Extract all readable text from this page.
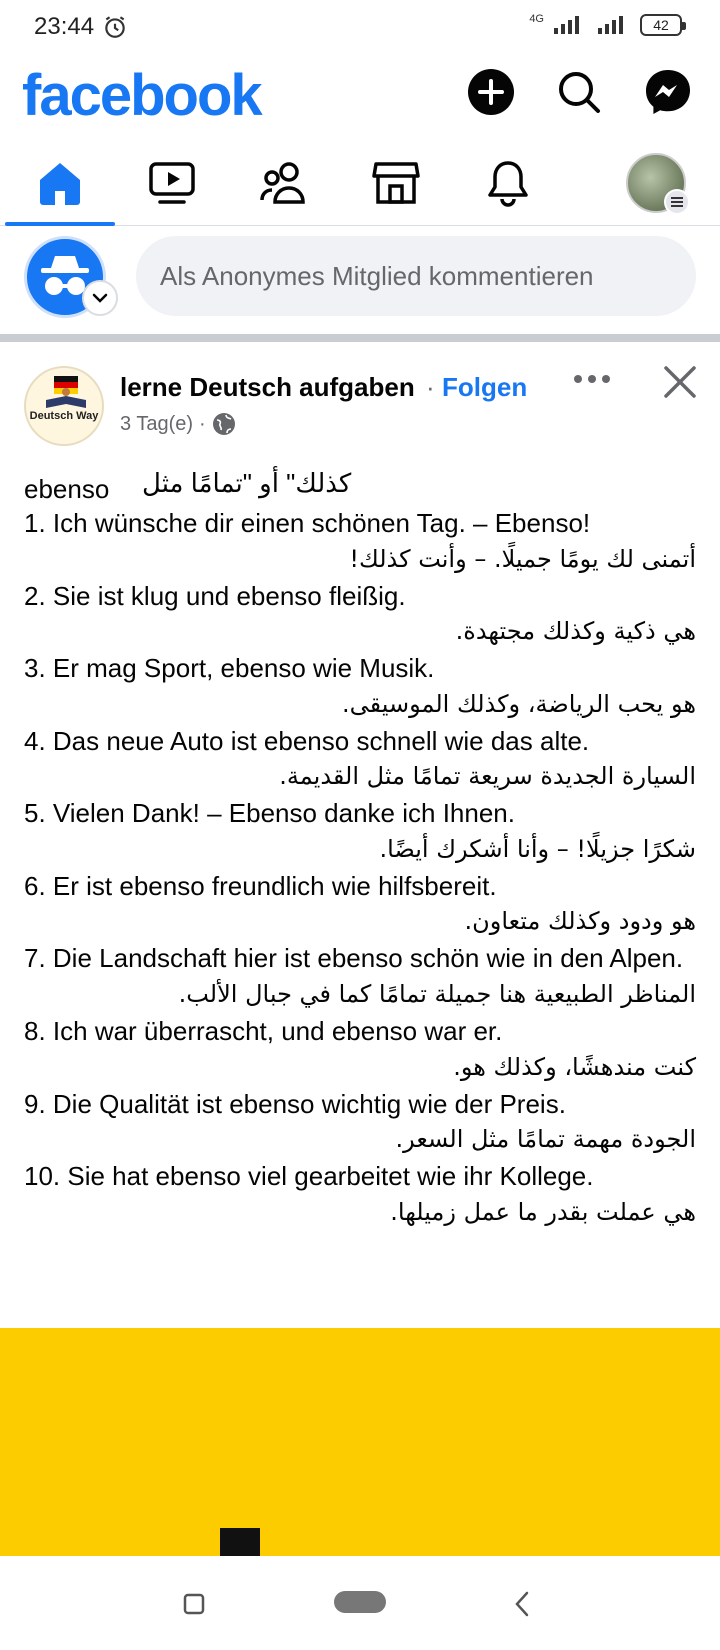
23:44	4G	42
facebook
Als Anonymes Mitglied kommentieren
Deutsch Way
lerne Deutsch aufgaben · Folgen
3 Tag(e) ·
ebenso كذلك" أو "تمامًا مثل
1. Ich wünsche dir einen schönen Tag. – Ebenso!
أتمنى لك يومًا جميلًا. – وأنت كذلك!
2. Sie ist klug und ebenso fleißig.
هي ذكية وكذلك مجتهدة.
3. Er mag Sport, ebenso wie Musik.
هو يحب الرياضة، وكذلك الموسيقى.
4. Das neue Auto ist ebenso schnell wie das alte.
السيارة الجديدة سريعة تمامًا مثل القديمة.
5. Vielen Dank! – Ebenso danke ich Ihnen.
شكرًا جزيلًا! – وأنا أشكرك أيضًا.
6. Er ist ebenso freundlich wie hilfsbereit.
هو ودود وكذلك متعاون.
7. Die Landschaft hier ist ebenso schön wie in den Alpen.
المناظر الطبيعية هنا جميلة تمامًا كما في جبال الألب.
8. Ich war überrascht, und ebenso war er.
كنت مندهشًا، وكذلك هو.
9. Die Qualität ist ebenso wichtig wie der Preis.
الجودة مهمة تمامًا مثل السعر.
10. Sie hat ebenso viel gearbeitet wie ihr Kollege.
هي عملت بقدر ما عمل زميلها.
